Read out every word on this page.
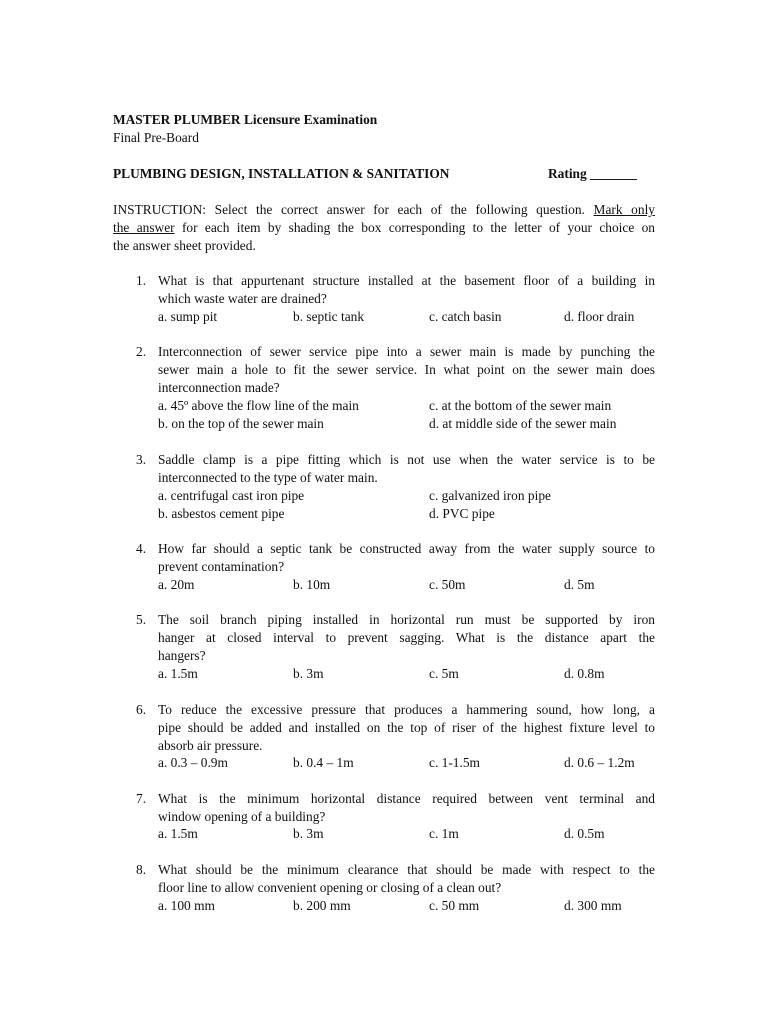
MASTER PLUMBER Licensure Examination
Final Pre-Board
PLUMBING DESIGN, INSTALLATION & SANITATION	Rating _______
INSTRUCTION: Select the correct answer for each of the following question. Mark only
the answer for each item by shading the box corresponding to the letter of your choice on
the answer sheet provided.
1. What is that appurtenant structure installed at the basement floor of a building in
which waste water are drained?
a. sump pit	b. septic tank	c. catch basin	d. floor drain
2. Interconnection of sewer service pipe into a sewer main is made by punching the
sewer main a hole to fit the sewer service. In what point on the sewer main does
interconnection made?
a. 45º above the flow line of the main	c. at the bottom of the sewer main
b. on the top of the sewer main	d. at middle side of the sewer main
3. Saddle clamp is a pipe fitting which is not use when the water service is to be
interconnected to the type of water main.
a. centrifugal cast iron pipe	c. galvanized iron pipe
b. asbestos cement pipe	d. PVC pipe
4. How far should a septic tank be constructed away from the water supply source to
prevent contamination?
a. 20m	b. 10m	c. 50m	d. 5m
5. The soil branch piping installed in horizontal run must be supported by iron
hanger at closed interval to prevent sagging. What is the distance apart the
hangers?
a. 1.5m	b. 3m	c. 5m	d. 0.8m
6. To reduce the excessive pressure that produces a hammering sound, how long, a
pipe should be added and installed on the top of riser of the highest fixture level to
absorb air pressure.
a. 0.3 – 0.9m	b. 0.4 – 1m	c. 1-1.5m	d. 0.6 – 1.2m
7. What is the minimum horizontal distance required between vent terminal and
window opening of a building?
a. 1.5m	b. 3m	c. 1m	d. 0.5m
8. What should be the minimum clearance that should be made with respect to the
floor line to allow convenient opening or closing of a clean out?
a. 100 mm	b. 200 mm	c. 50 mm	d. 300 mm
